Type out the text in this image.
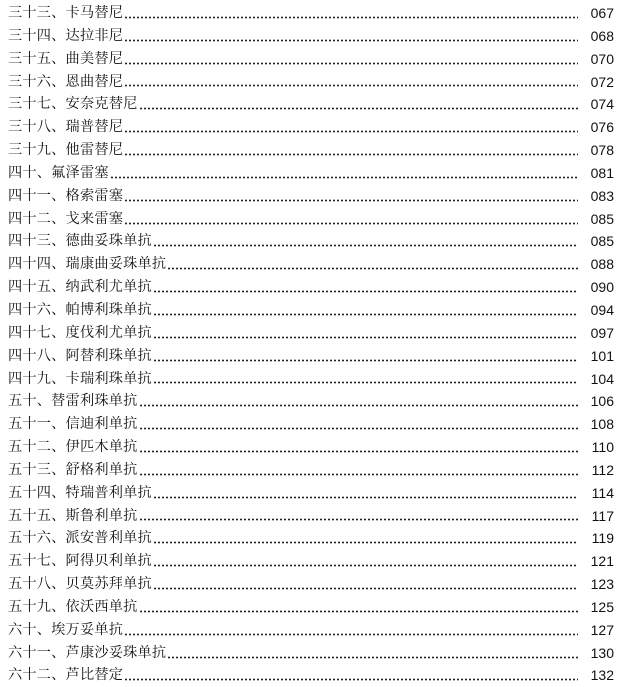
三十三、卡马替尼	067
三十四、达拉非尼	068
三十五、曲美替尼	070
三十六、恩曲替尼	072
三十七、安奈克替尼	074
三十八、瑞普替尼	076
三十九、他雷替尼	078
四十、氟泽雷塞	081
四十一、格索雷塞	083
四十二、戈来雷塞	085
四十三、德曲妥珠单抗	085
四十四、瑞康曲妥珠单抗	088
四十五、纳武利尤单抗	090
四十六、帕博利珠单抗	094
四十七、度伐利尤单抗	097
四十八、阿替利珠单抗	101
四十九、卡瑞利珠单抗	104
五十、替雷利珠单抗	106
五十一、信迪利单抗	108
五十二、伊匹木单抗	110
五十三、舒格利单抗	112
五十四、特瑞普利单抗	114
五十五、斯鲁利单抗	117
五十六、派安普利单抗	119
五十七、阿得贝利单抗	121
五十八、贝莫苏拜单抗	123
五十九、依沃西单抗	125
六十、埃万妥单抗	127
六十一、芦康沙妥珠单抗	130
六十二、芦比替定	132
